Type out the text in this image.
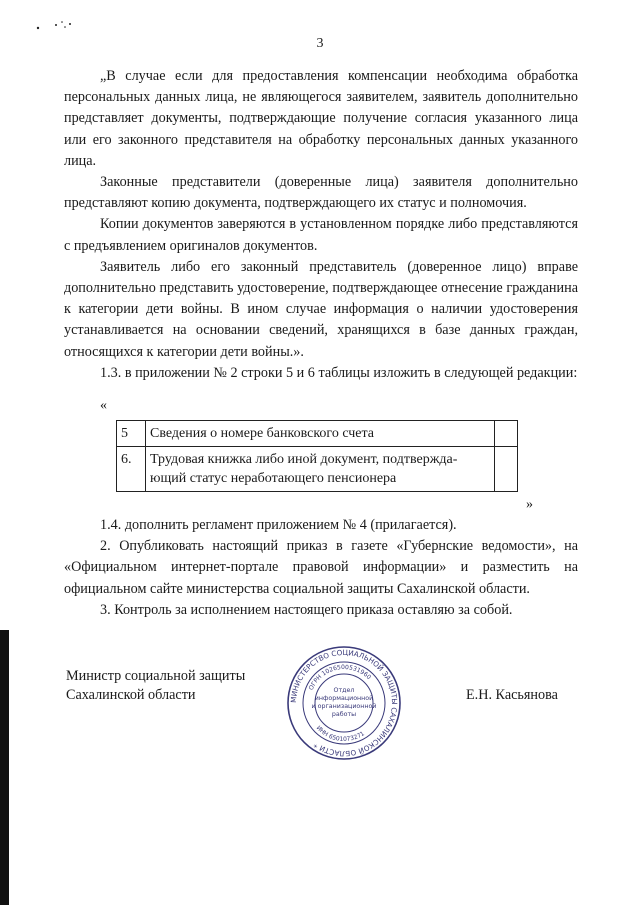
3

„В случае если для предоставления компенсации необходима обработка персональных данных лица, не являющегося заявителем, заявитель дополнительно представляет документы, подтверждающие получение согласия указанного лица или его законного представителя на обработку персональных данных указанного лица.

Законные представители (доверенные лица) заявителя дополнительно представляют копию документа, подтверждающего их статус и полномочия.

Копии документов заверяются в установленном порядке либо представляются с предъявлением оригиналов документов.

Заявитель либо его законный представитель (доверенное лицо) вправе дополнительно представить удостоверение, подтверждающее отнесение гражданина к категории дети войны. В ином случае информация о наличии удостоверения устанавливается на основании сведений, хранящихся в базе данных граждан, относящихся к категории дети войны.».

1.3. в приложении № 2 строки 5 и 6 таблицы изложить в следующей редакции:

«
5	Сведения о номере банковского счета	
6.	Трудовая книжка либо иной документ, подтвержда-ющий статус неработающего пенсионера	
»

1.4. дополнить регламент приложением № 4 (прилагается).

2. Опубликовать настоящий приказ в газете «Губернские ведомости», на «Официальном интернет-портале правовой информации» и разместить на официальном сайте министерства социальной защиты Сахалинской области.

3. Контроль за исполнением настоящего приказа оставляю за собой.

Министр социальной защиты Сахалинской области	Е.Н. Касьянова
МИНИСТЕРСТВО СОЦИАЛЬНОЙ ЗАЩИТЫ САХАЛИНСКОЙ ОБЛАСТИ *
ОГРН 1026500531960
ИНН 6501073271
Отдел
информационной
и организационной
работы
